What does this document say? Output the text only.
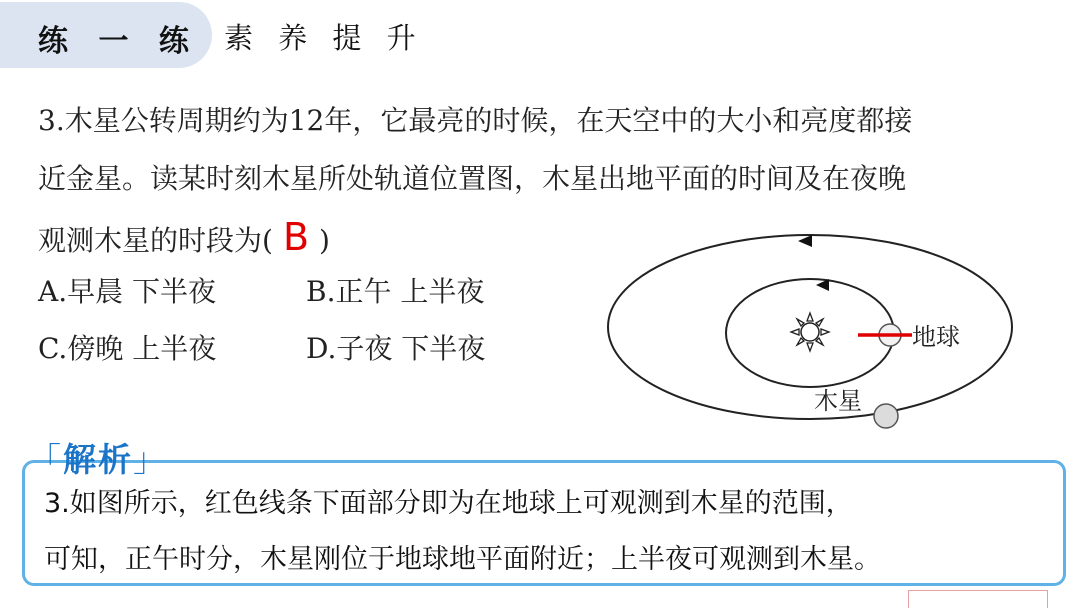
练 一 练 素 养 提 升
3.木星公转周期约为12年，它最亮的时候，在天空中的大小和亮度都接
近金星。读某时刻木星所处轨道位置图，木星出地平面的时间及在夜晚
观测木星的时段为( B )
A.早晨 下半夜	B.正午 上半夜
C.傍晚 上半夜	D.子夜 下半夜	地球
木星
「解析」
3.如图所示，红色线条下面部分即为在地球上可观测到木星的范围，
可知，正午时分，木星刚位于地球地平面附近；上半夜可观测到木星。
